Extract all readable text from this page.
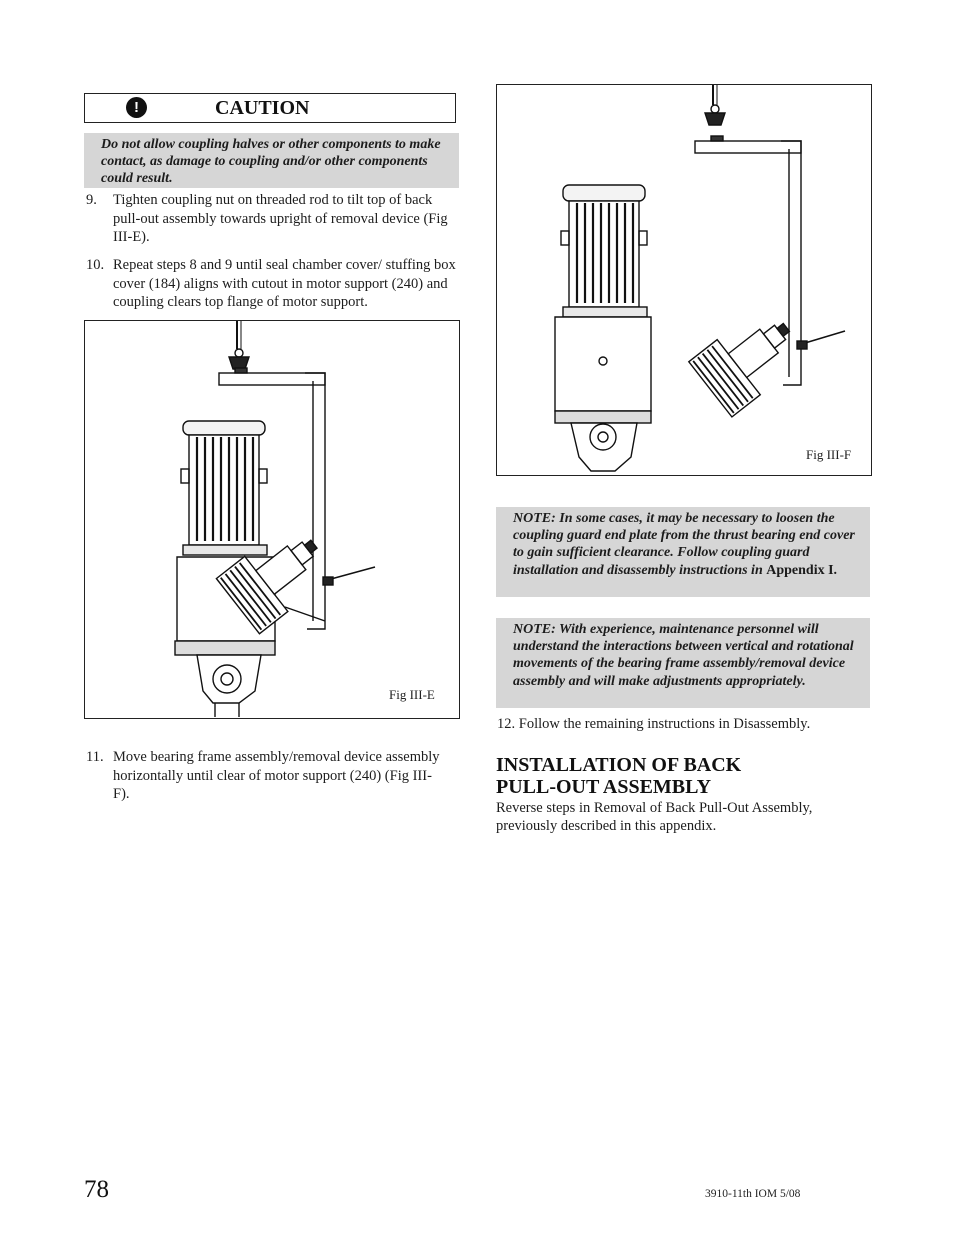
!	CAUTION
Do not allow coupling halves or other components to make contact, as damage to coupling and/or other components could result.
9. Tighten coupling nut on threaded rod to tilt top of back pull-out assembly towards upright of removal device (Fig III-E).
10. Repeat steps 8 and 9 until seal chamber cover/ stuffing box cover (184) aligns with cutout in motor support (240) and coupling clears top flange of motor support.
Fig III-E
11. Move bearing frame assembly/removal device assembly horizontally until clear of motor support (240) (Fig III-F).
Fig III-F
NOTE: In some cases, it may be necessary to loosen the coupling guard end plate from the thrust bearing end cover to gain sufficient clearance. Follow coupling guard installation and disassembly instructions in Appendix I.
NOTE: With experience, maintenance personnel will understand the interactions between vertical and rotational movements of the bearing frame assembly/removal device assembly and will make adjustments appropriately.
12. Follow the remaining instructions in Disassembly.
INSTALLATION OF BACK PULL-OUT ASSEMBLY
Reverse steps in Removal of Back Pull-Out Assembly, previously described in this appendix.
78	3910-11th IOM 5/08
